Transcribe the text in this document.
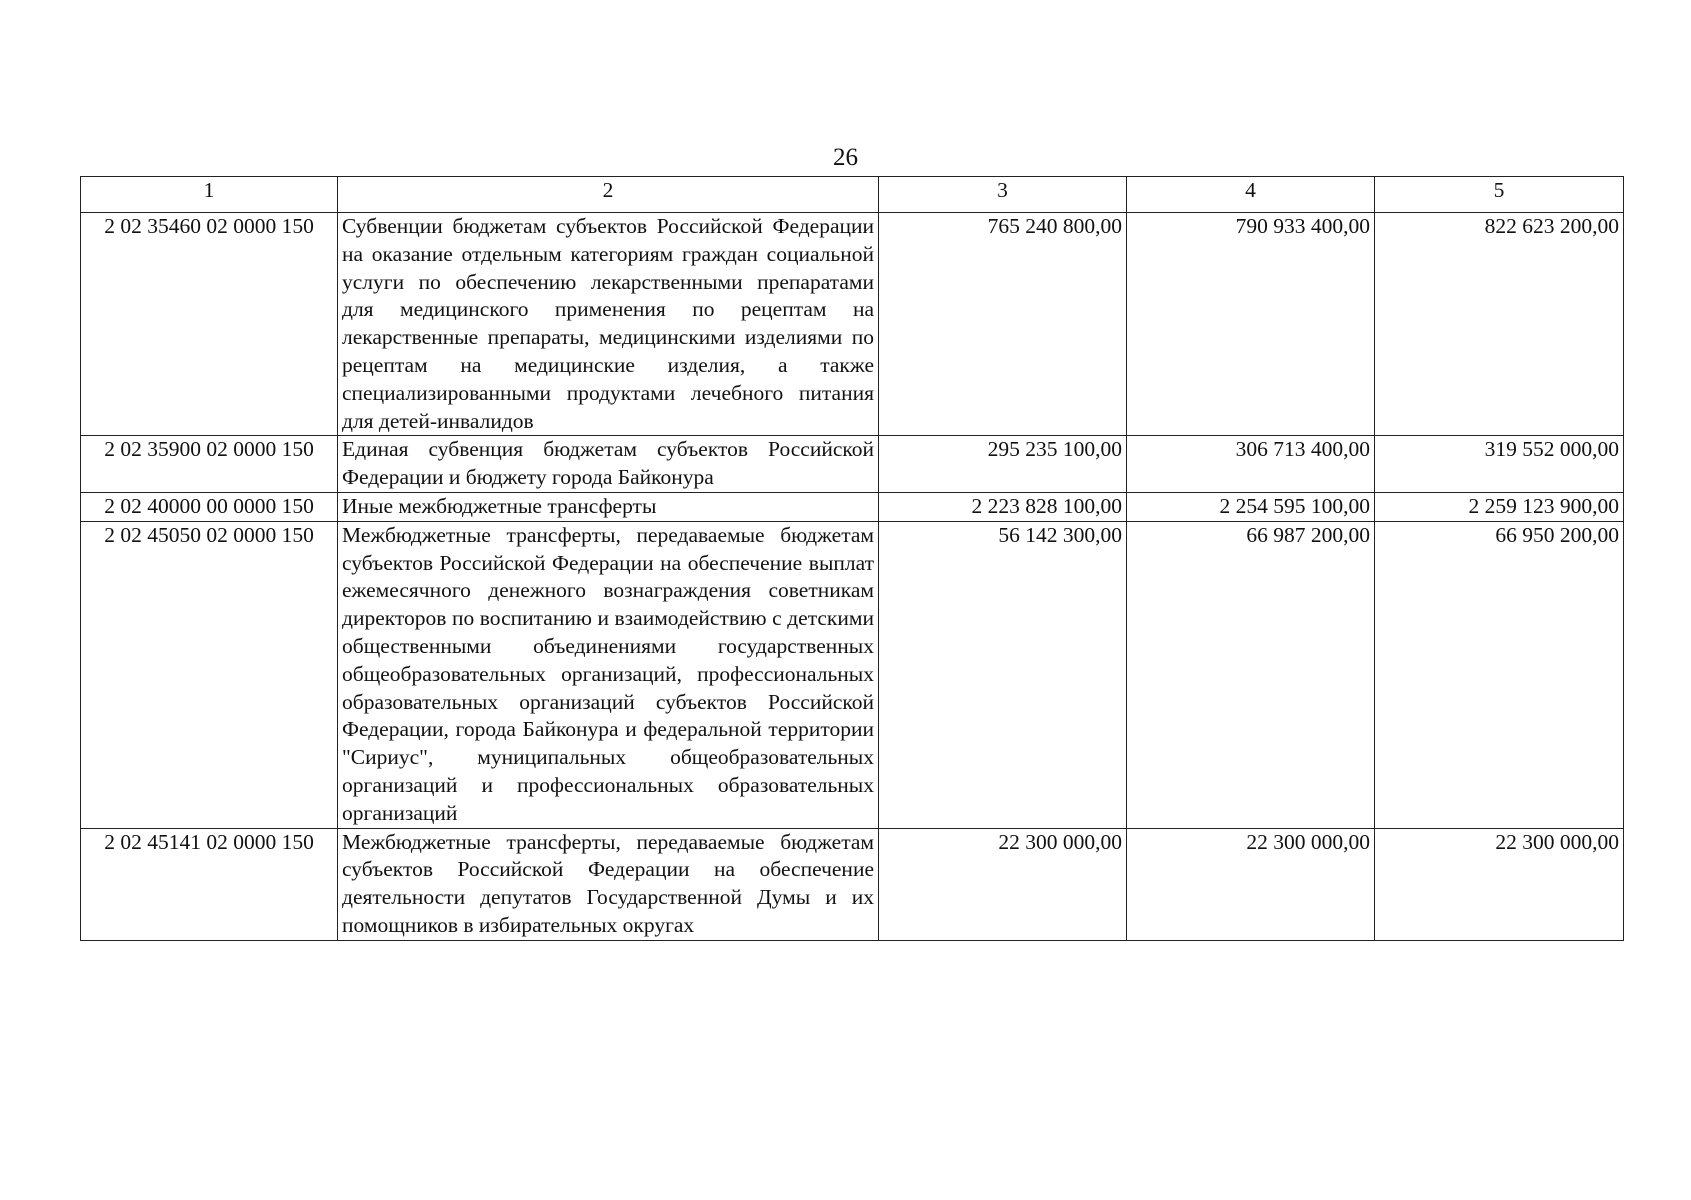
26
1	2	3	4	5
2 02 35460 02 0000 150	Субвенции бюджетам субъектов Российской Федерации на оказание отдельным категориям граждан социальной услуги по обеспечению лекарственными препаратами для медицинского применения по рецептам на лекарственные препараты, медицинскими изделиями по рецептам на медицинские изделия, а также специализированными продуктами лечебного питания для детей-инвалидов	765 240 800,00	790 933 400,00	822 623 200,00
2 02 35900 02 0000 150	Единая субвенция бюджетам субъектов Российской Федерации и бюджету города Байконура	295 235 100,00	306 713 400,00	319 552 000,00
2 02 40000 00 0000 150	Иные межбюджетные трансферты	2 223 828 100,00	2 254 595 100,00	2 259 123 900,00
2 02 45050 02 0000 150	Межбюджетные трансферты, передаваемые бюджетам субъектов Российской Федерации на обеспечение выплат ежемесячного денежного вознаграждения советникам директоров по воспитанию и взаимодействию с детскими общественными объединениями государственных общеобразовательных организаций, профессиональных образовательных организаций субъектов Российской Федерации, города Байконура и федеральной территории "Сириус", муниципальных общеобразовательных организаций и профессиональных образовательных организаций	56 142 300,00	66 987 200,00	66 950 200,00
2 02 45141 02 0000 150	Межбюджетные трансферты, передаваемые бюджетам субъектов Российской Федерации на обеспечение деятельности депутатов Государственной Думы и их помощников в избирательных округах	22 300 000,00	22 300 000,00	22 300 000,00
